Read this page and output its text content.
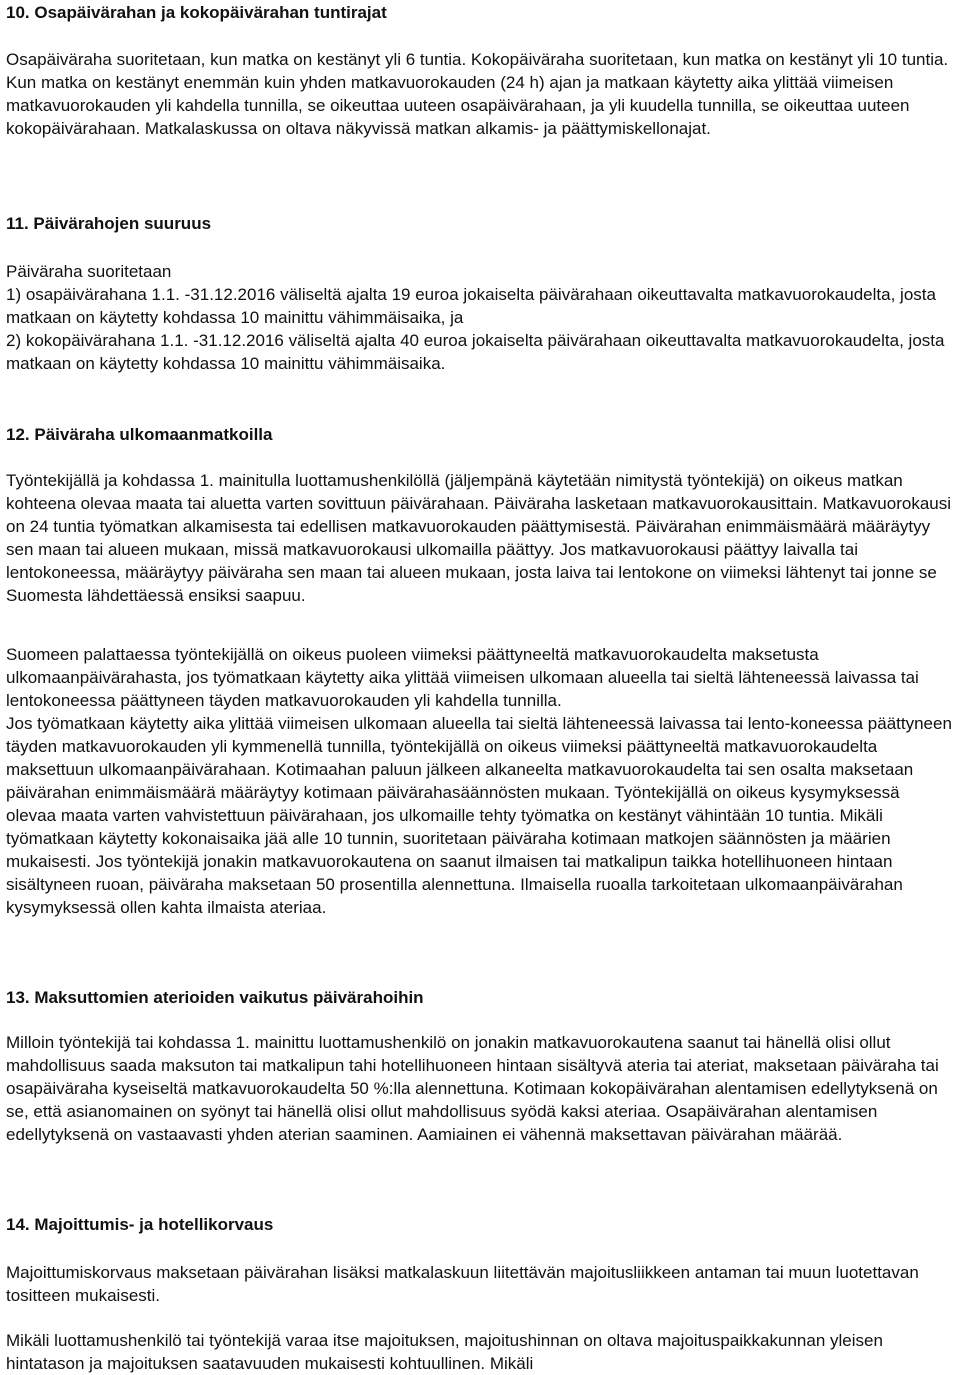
10. Osapäivärahan ja kokopäivärahan tuntirajat

Osapäiväraha suoritetaan, kun matka on kestänyt yli 6 tuntia. Kokopäiväraha suoritetaan, kun matka on kestänyt yli 10 tuntia. Kun matka on kestänyt enemmän kuin yhden matkavuorokauden (24 h) ajan ja matkaan käytetty aika ylittää viimeisen matkavuorokauden yli kahdella tunnilla, se oikeuttaa uuteen osapäivärahaan, ja yli kuudella tunnilla, se oikeuttaa uuteen kokopäivärahaan. Matkalaskussa on oltava näkyvissä matkan alkamis- ja päättymiskellonajat.

11. Päivärahojen suuruus

Päiväraha suoritetaan

1) osapäivärahana 1.1. -31.12.2016 väliseltä ajalta 19 euroa jokaiselta päivärahaan oikeuttavalta matkavuorokaudelta, josta matkaan on käytetty kohdassa 10 mainittu vähimmäisaika, ja

2) kokopäivärahana 1.1. -31.12.2016 väliseltä ajalta 40 euroa jokaiselta päivärahaan oikeuttavalta matkavuorokaudelta, josta matkaan on käytetty kohdassa 10 mainittu vähimmäisaika.

12. Päiväraha ulkomaanmatkoilla

Työntekijällä ja kohdassa 1. mainitulla luottamushenkilöllä (jäljempänä käytetään nimitystä työntekijä) on oikeus matkan kohteena olevaa maata tai aluetta varten sovittuun päivärahaan. Päiväraha lasketaan matkavuorokausittain. Matkavuorokausi on 24 tuntia työmatkan alkamisesta tai edellisen matkavuorokauden päättymisestä. Päivärahan enimmäismäärä määräytyy sen maan tai alueen mukaan, missä matkavuorokausi ulkomailla päättyy. Jos matkavuorokausi päättyy laivalla tai lentokoneessa, määräytyy päiväraha sen maan tai alueen mukaan, josta laiva tai lentokone on viimeksi lähtenyt tai jonne se Suomesta lähdettäessä ensiksi saapuu.

Suomeen palattaessa työntekijällä on oikeus puoleen viimeksi päättyneeltä matkavuorokaudelta maksetusta ulkomaanpäivärahasta, jos työmatkaan käytetty aika ylittää viimeisen ulkomaan alueella tai sieltä lähteneessä laivassa tai lentokoneessa päättyneen täyden matkavuorokauden yli kahdella tunnilla.

Jos työmatkaan käytetty aika ylittää viimeisen ulkomaan alueella tai sieltä lähteneessä laivassa tai lento-koneessa päättyneen täyden matkavuorokauden yli kymmenellä tunnilla, työntekijällä on oikeus viimeksi päättyneeltä matkavuorokaudelta maksettuun ulkomaanpäivärahaan. Kotimaahan paluun jälkeen alkaneelta matkavuorokaudelta tai sen osalta maksetaan päivärahan enimmäismäärä määräytyy kotimaan päivärahasäännösten mukaan. Työntekijällä on oikeus kysymyksessä olevaa maata varten vahvistettuun päivärahaan, jos ulkomaille tehty työmatka on kestänyt vähintään 10 tuntia. Mikäli työmatkaan käytetty kokonaisaika jää alle 10 tunnin, suoritetaan päiväraha kotimaan matkojen säännösten ja määrien mukaisesti. Jos työntekijä jonakin matkavuorokautena on saanut ilmaisen tai matkalipun taikka hotellihuoneen hintaan sisältyneen ruoan, päiväraha maksetaan 50 prosentilla alennettuna. Ilmaisella ruoalla tarkoitetaan ulkomaanpäivärahan kysymyksessä ollen kahta ilmaista ateriaa.

13. Maksuttomien aterioiden vaikutus päivärahoihin

Milloin työntekijä tai kohdassa 1. mainittu luottamushenkilö on jonakin matkavuorokautena saanut tai hänellä olisi ollut mahdollisuus saada maksuton tai matkalipun tahi hotellihuoneen hintaan sisältyvä ateria tai ateriat, maksetaan päiväraha tai osapäiväraha kyseiseltä matkavuorokaudelta 50 %:lla alennettuna. Kotimaan kokopäivärahan alentamisen edellytyksenä on se, että asianomainen on syönyt tai hänellä olisi ollut mahdollisuus syödä kaksi ateriaa. Osapäivärahan alentamisen edellytyksenä on vastaavasti yhden aterian saaminen. Aamiainen ei vähennä maksettavan päivärahan määrää.

14. Majoittumis- ja hotellikorvaus

Majoittumiskorvaus maksetaan päivärahan lisäksi matkalaskuun liitettävän majoitusliikkeen antaman tai muun luotettavan tositteen mukaisesti.

Mikäli luottamushenkilö tai työntekijä varaa itse majoituksen, majoitushinnan on oltava majoituspaikkakunnan yleisen hintatason ja majoituksen saatavuuden mukaisesti kohtuullinen. Mikäli
